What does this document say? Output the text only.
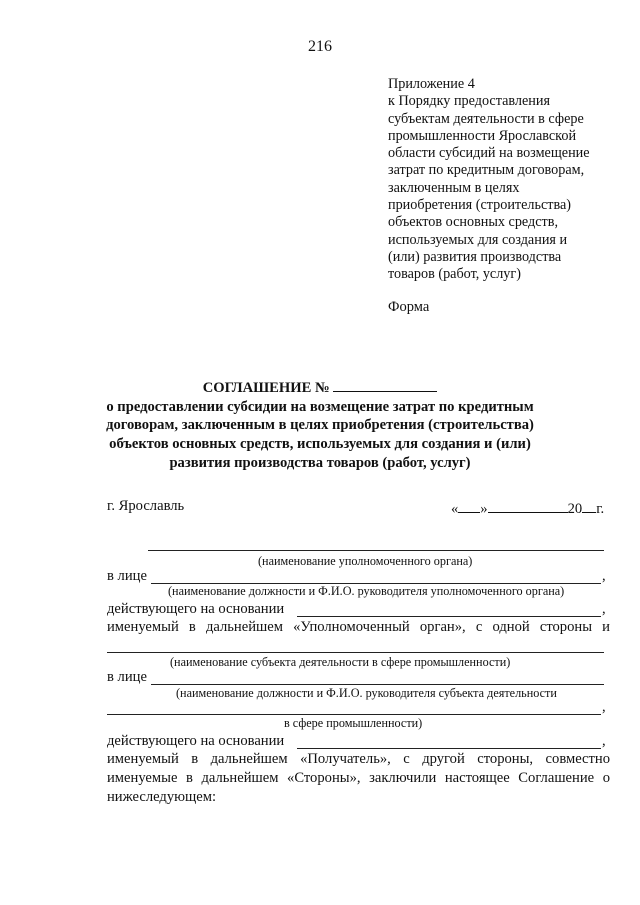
216
Приложение 4
к Порядку предоставления
субъектам деятельности в сфере
промышленности Ярославской
области субсидий на возмещение
затрат по кредитным договорам,
заключенным в целях
приобретения (строительства)
объектов основных средств,
используемых для создания и
(или) развития производства
товаров (работ, услуг)
Форма
СОГЛАШЕНИЕ №
о предоставлении субсидии на возмещение затрат по кредитным
договорам, заключенным в целях приобретения (строительства)
объектов основных средств, используемых для создания и (или)
развития производства товаров (работ, услуг)
г. Ярославль	« »	20 г.
(наименование уполномоченного органа)
в лице	,
(наименование должности и Ф.И.О. руководителя уполномоченного органа)
действующего на основании	,
именуемый в дальнейшем «Уполномоченный орган», с одной стороны и
(наименование субъекта деятельности в сфере промышленности)
в лице
(наименование должности и Ф.И.О. руководителя субъекта деятельности
,
в сфере промышленности)
действующего на основании	,
именуемый в дальнейшем «Получатель», с другой стороны, совместно
именуемые в дальнейшем «Стороны», заключили настоящее Соглашение о
нижеследующем:
